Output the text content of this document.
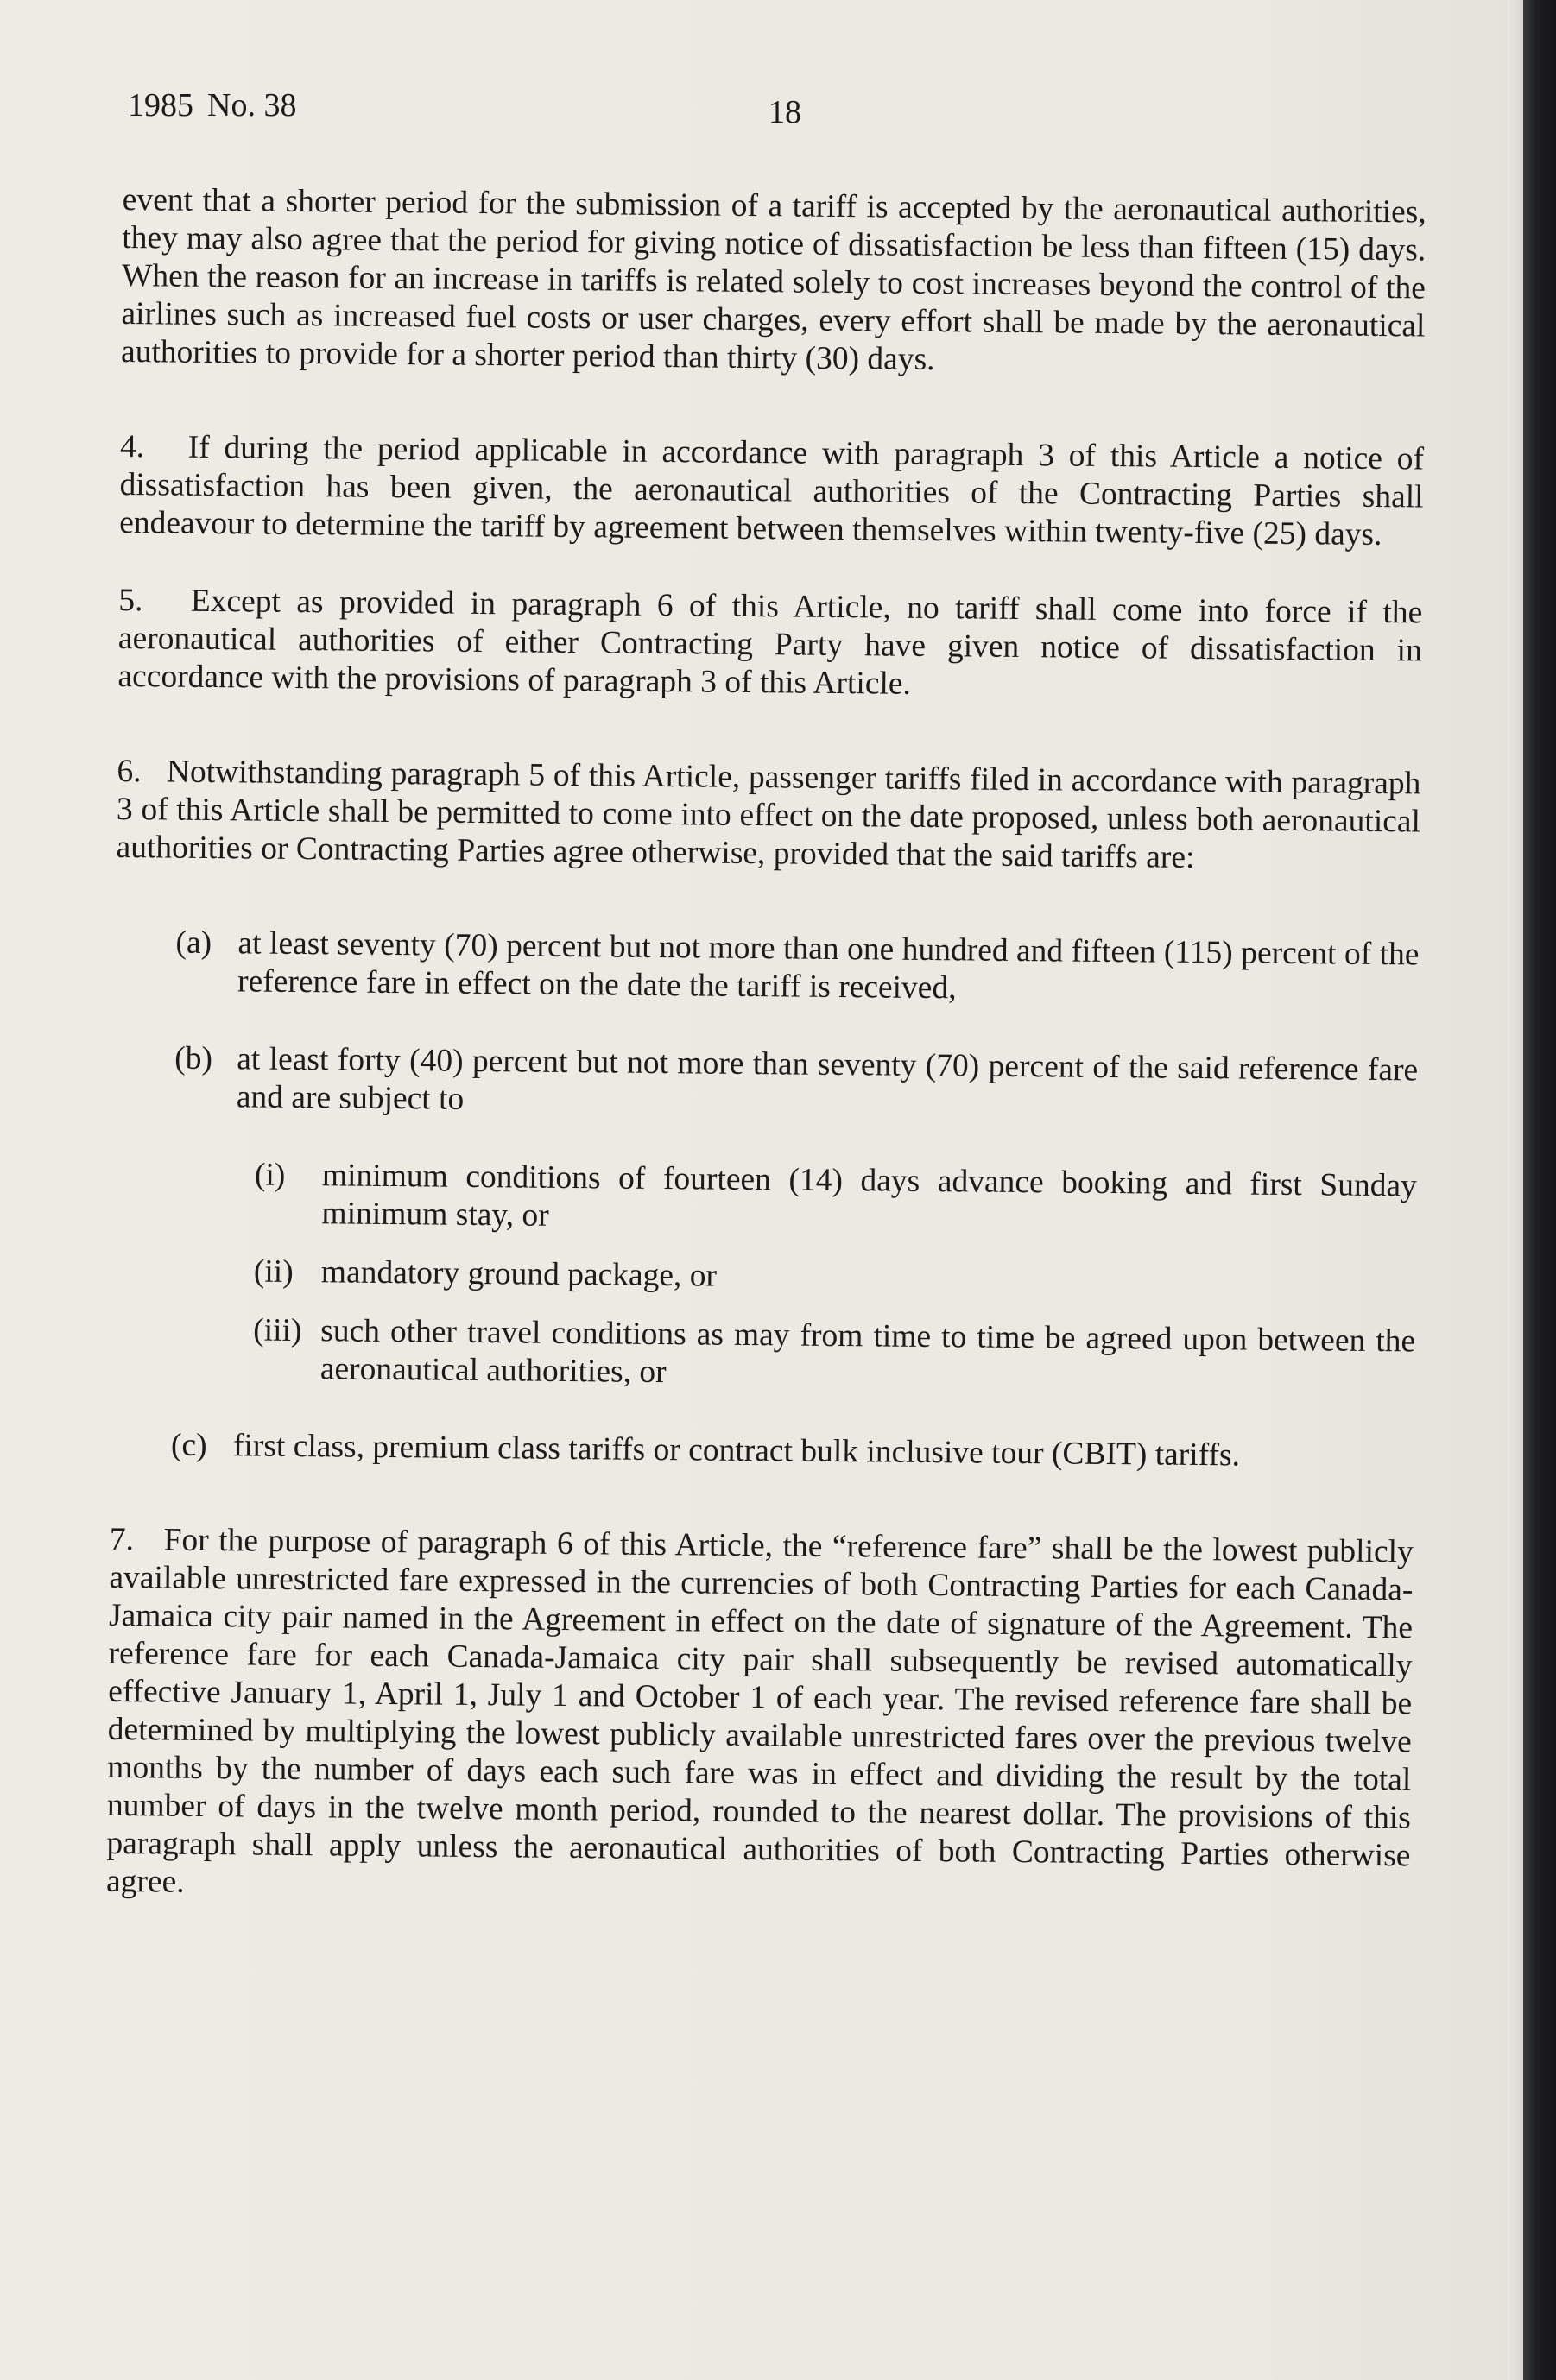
1985 No. 38	18

event that a shorter period for the submission of a tariff is accepted by the aeronautical authorities, they may also agree that the period for giving notice of dissatisfaction be less than fifteen (15) days. When the reason for an increase in tariffs is related solely to cost increases beyond the control of the airlines such as increased fuel costs or user charges, every effort shall be made by the aeronautical authorities to provide for a shorter period than thirty (30) days.

4.   If during the period applicable in accordance with paragraph 3 of this Article a notice of dissatisfaction has been given, the aeronautical authorities of the Contracting Parties shall endeavour to determine the tariff by agreement between themselves within twenty-five (25) days.

5.   Except as provided in paragraph 6 of this Article, no tariff shall come into force if the aeronautical authorities of either Contracting Party have given notice of dissatisfaction in accordance with the provisions of paragraph 3 of this Article.

6.   Notwithstanding paragraph 5 of this Article, passenger tariffs filed in accordance with paragraph 3 of this Article shall be permitted to come into effect on the date proposed, unless both aeronautical authorities or Contracting Parties agree otherwise, provided that the said tariffs are:

(a) at least seventy (70) percent but not more than one hundred and fifteen (115) percent of the reference fare in effect on the date the tariff is received,
(b) at least forty (40) percent but not more than seventy (70) percent of the said reference fare and are subject to
(i) minimum conditions of fourteen (14) days advance booking and first Sunday minimum stay, or
(ii) mandatory ground package, or
(iii) such other travel conditions as may from time to time be agreed upon between the aeronautical authorities, or
(c) first class, premium class tariffs or contract bulk inclusive tour (CBIT) tariffs.

7.   For the purpose of paragraph 6 of this Article, the “reference fare” shall be the lowest publicly available unrestricted fare expressed in the currencies of both Contracting Parties for each Canada-Jamaica city pair named in the Agreement in effect on the date of signature of the Agreement. The reference fare for each Canada-Jamaica city pair shall subsequently be revised automatically effective January 1, April 1, July 1 and October 1 of each year. The revised reference fare shall be determined by multiplying the lowest publicly available unrestricted fares over the previous twelve months by the number of days each such fare was in effect and dividing the result by the total number of days in the twelve month period, rounded to the nearest dollar. The provisions of this paragraph shall apply unless the aeronautical authorities of both Contracting Parties otherwise agree.
